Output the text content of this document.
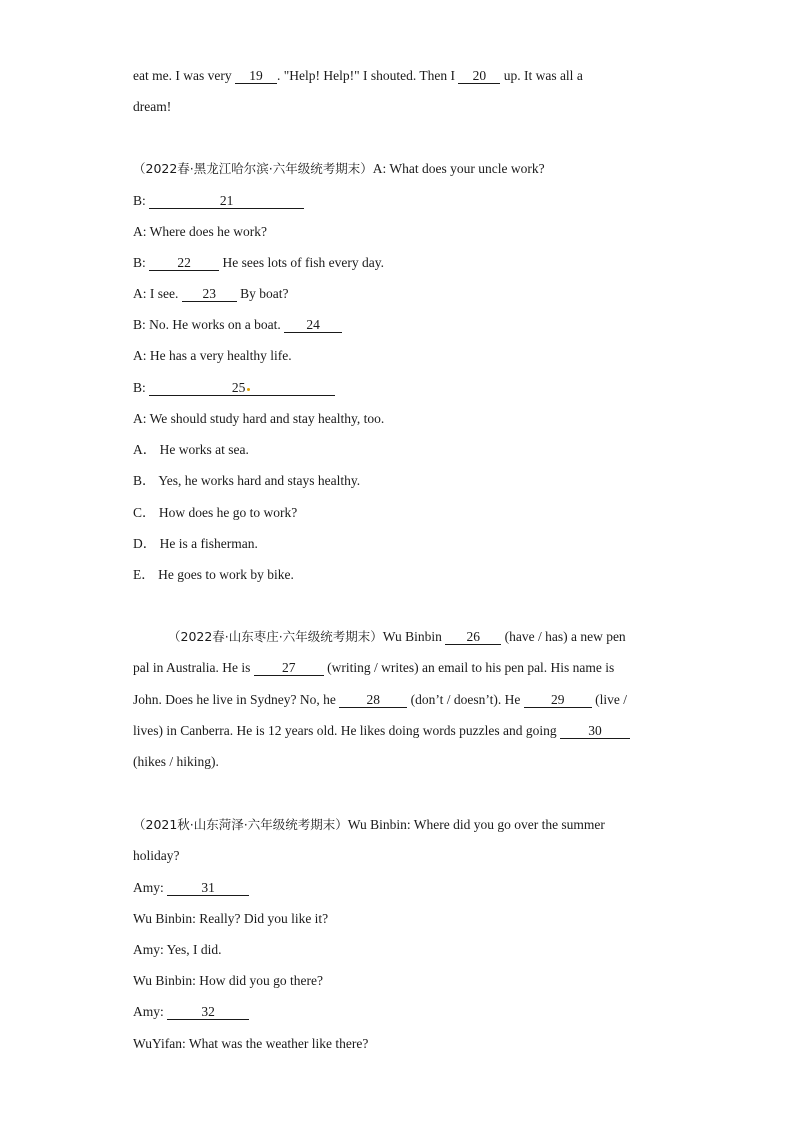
eat me. I was very 19 . "Help! Help!" I shouted. Then I 20 up. It was all a
dream!
（2022春·黑龙江哈尔滨·六年级统考期末）A: What does your uncle work?
B:	21
A: Where does he work?
B: 22 He sees lots of fish every day.
A: I see. 23 By boat?
B: No. He works on a boat. 24
A: He has a very healthy life.
B:	25
A: We should study hard and stay healthy, too.
A． He works at sea.
B． Yes, he works hard and stays healthy.
C． How does he go to work?
D． He is a fisherman.
E． He goes to work by bike.
（2022春·山东枣庄·六年级统考期末）Wu Binbin 26 (have / has) a new pen
pal in Australia. He is 27 (writing / writes) an email to his pen pal. His name is
John. Does he live in Sydney? No, he 28 (don’t / doesn’t). He 29 (live /
lives) in Canberra. He is 12 years old. He likes doing words puzzles and going 30
(hikes / hiking).
（2021秋·山东菏泽·六年级统考期末）Wu Binbin: Where did you go over the summer
holiday?
Amy:	31
Wu Binbin: Really? Did you like it?
Amy: Yes, I did.
Wu Binbin: How did you go there?
Amy:	32
WuYifan: What was the weather like there?
